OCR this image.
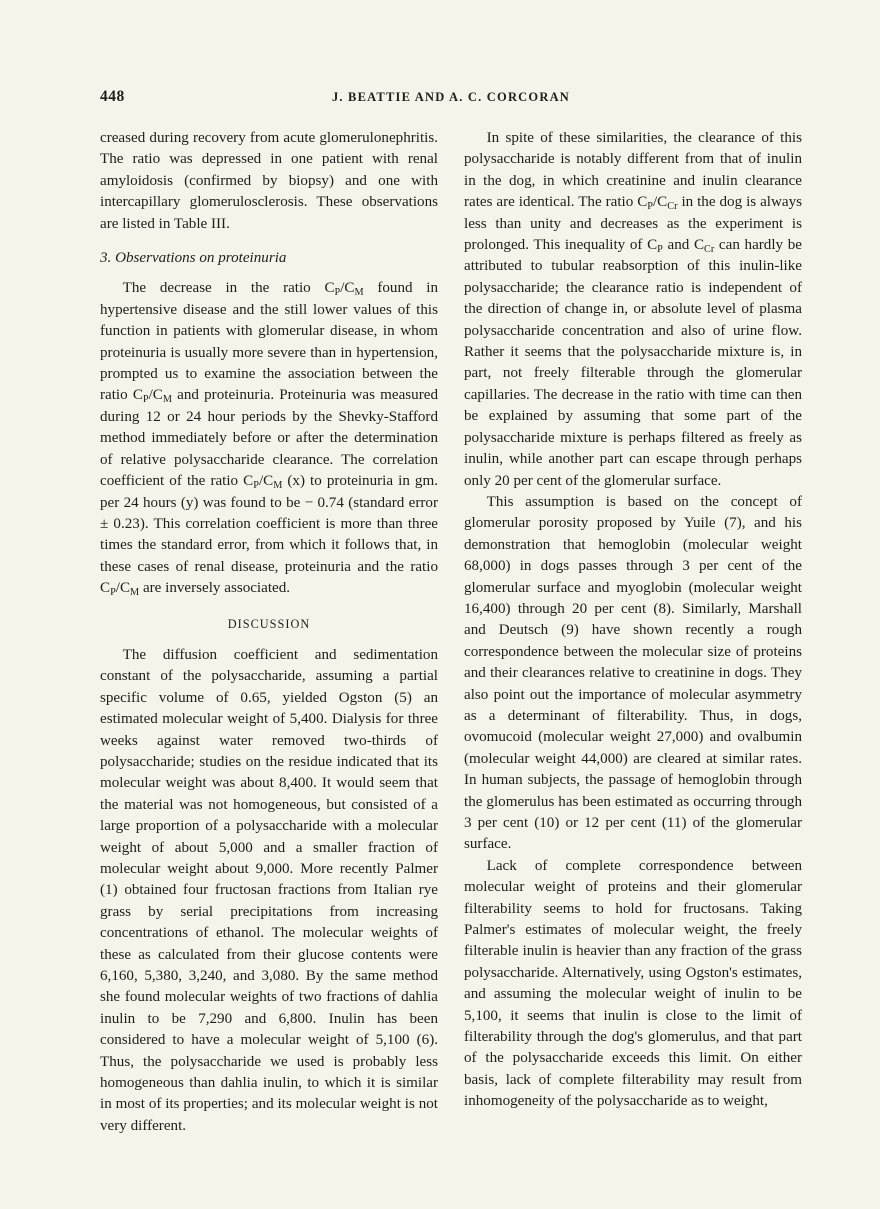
448	J. BEATTIE AND A. C. CORCORAN

creased during recovery from acute glomerulonephritis. The ratio was depressed in one patient with renal amyloidosis (confirmed by biopsy) and one with intercapillary glomerulosclerosis. These observations are listed in Table III.

3. Observations on proteinuria

The decrease in the ratio $C_P/C_M$ found in hypertensive disease and the still lower values of this function in patients with glomerular disease, in whom proteinuria is usually more severe than in hypertension, prompted us to examine the association between the ratio $C_P/C_M$ and proteinuria. Proteinuria was measured during 12 or 24 hour periods by the Shevky-Stafford method immediately before or after the determination of relative polysaccharide clearance. The correlation coefficient of the ratio $C_P/C_M$ (x) to proteinuria in gm. per 24 hours (y) was found to be − 0.74 (standard error ± 0.23). This correlation coefficient is more than three times the standard error, from which it follows that, in these cases of renal disease, proteinuria and the ratio $C_P/C_M$ are inversely associated.

DISCUSSION

The diffusion coefficient and sedimentation constant of the polysaccharide, assuming a partial specific volume of 0.65, yielded Ogston (5) an estimated molecular weight of 5,400. Dialysis for three weeks against water removed two-thirds of polysaccharide; studies on the residue indicated that its molecular weight was about 8,400. It would seem that the material was not homogeneous, but consisted of a large proportion of a polysaccharide with a molecular weight of about 5,000 and a smaller fraction of molecular weight about 9,000. More recently Palmer (1) obtained four fructosan fractions from Italian rye grass by serial precipitations from increasing concentrations of ethanol. The molecular weights of these as calculated from their glucose contents were 6,160, 5,380, 3,240, and 3,080. By the same method she found molecular weights of two fractions of dahlia inulin to be 7,290 and 6,800. Inulin has been considered to have a molecular weight of 5,100 (6). Thus, the polysaccharide we used is probably less homogeneous than dahlia inulin, to which it is similar in most of its properties; and its molecular weight is not very different.

In spite of these similarities, the clearance of this polysaccharide is notably different from that of inulin in the dog, in which creatinine and inulin clearance rates are identical. The ratio $C_P/C_{Cr}$ in the dog is always less than unity and decreases as the experiment is prolonged. This inequality of $C_P$ and $C_{Cr}$ can hardly be attributed to tubular reabsorption of this inulin-like polysaccharide; the clearance ratio is independent of the direction of change in, or absolute level of plasma polysaccharide concentration and also of urine flow. Rather it seems that the polysaccharide mixture is, in part, not freely filterable through the glomerular capillaries. The decrease in the ratio with time can then be explained by assuming that some part of the polysaccharide mixture is perhaps filtered as freely as inulin, while another part can escape through perhaps only 20 per cent of the glomerular surface.

This assumption is based on the concept of glomerular porosity proposed by Yuile (7), and his demonstration that hemoglobin (molecular weight 68,000) in dogs passes through 3 per cent of the glomerular surface and myoglobin (molecular weight 16,400) through 20 per cent (8). Similarly, Marshall and Deutsch (9) have shown recently a rough correspondence between the molecular size of proteins and their clearances relative to creatinine in dogs. They also point out the importance of molecular asymmetry as a determinant of filterability. Thus, in dogs, ovomucoid (molecular weight 27,000) and ovalbumin (molecular weight 44,000) are cleared at similar rates. In human subjects, the passage of hemoglobin through the glomerulus has been estimated as occurring through 3 per cent (10) or 12 per cent (11) of the glomerular surface.

Lack of complete correspondence between molecular weight of proteins and their glomerular filterability seems to hold for fructosans. Taking Palmer's estimates of molecular weight, the freely filterable inulin is heavier than any fraction of the grass polysaccharide. Alternatively, using Ogston's estimates, and assuming the molecular weight of inulin to be 5,100, it seems that inulin is close to the limit of filterability through the dog's glomerulus, and that part of the polysaccharide exceeds this limit. On either basis, lack of complete filterability may result from inhomogeneity of the polysaccharide as to weight,
